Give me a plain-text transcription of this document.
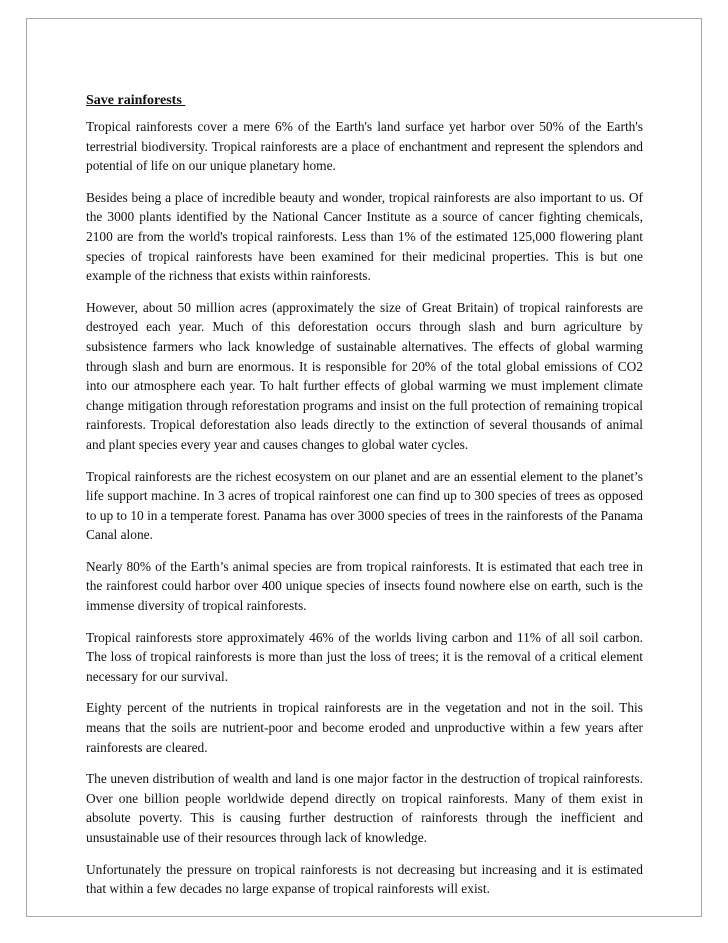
Save rainforests

Tropical rainforests cover a mere 6% of the Earth's land surface yet harbor over 50% of the Earth's terrestrial biodiversity. Tropical rainforests are a place of enchantment and represent the splendors and potential of life on our unique planetary home.

Besides being a place of incredible beauty and wonder, tropical rainforests are also important to us. Of the 3000 plants identified by the National Cancer Institute as a source of cancer fighting chemicals, 2100 are from the world's tropical rainforests. Less than 1% of the estimated 125,000 flowering plant species of tropical rainforests have been examined for their medicinal properties. This is but one example of the richness that exists within rainforests.

However, about 50 million acres (approximately the size of Great Britain) of tropical rainforests are destroyed each year. Much of this deforestation occurs through slash and burn agriculture by subsistence farmers who lack knowledge of sustainable alternatives. The effects of global warming through slash and burn are enormous. It is responsible for 20% of the total global emissions of CO2 into our atmosphere each year. To halt further effects of global warming we must implement climate change mitigation through reforestation programs and insist on the full protection of remaining tropical rainforests. Tropical deforestation also leads directly to the extinction of several thousands of animal and plant species every year and causes changes to global water cycles.

Tropical rainforests are the richest ecosystem on our planet and are an essential element to the planet’s life support machine. In 3 acres of tropical rainforest one can find up to 300 species of trees as opposed to up to 10 in a temperate forest. Panama has over 3000 species of trees in the rainforests of the Panama Canal alone.

Nearly 80% of the Earth’s animal species are from tropical rainforests. It is estimated that each tree in the rainforest could harbor over 400 unique species of insects found nowhere else on earth, such is the immense diversity of tropical rainforests.

Tropical rainforests store approximately 46% of the worlds living carbon and 11% of all soil carbon. The loss of tropical rainforests is more than just the loss of trees; it is the removal of a critical element necessary for our survival.

Eighty percent of the nutrients in tropical rainforests are in the vegetation and not in the soil. This means that the soils are nutrient-poor and become eroded and unproductive within a few years after rainforests are cleared.

The uneven distribution of wealth and land is one major factor in the destruction of tropical rainforests. Over one billion people worldwide depend directly on tropical rainforests. Many of them exist in absolute poverty. This is causing further destruction of rainforests through the inefficient and unsustainable use of their resources through lack of knowledge.

Unfortunately the pressure on tropical rainforests is not decreasing but increasing and it is estimated that within a few decades no large expanse of tropical rainforests will exist.
